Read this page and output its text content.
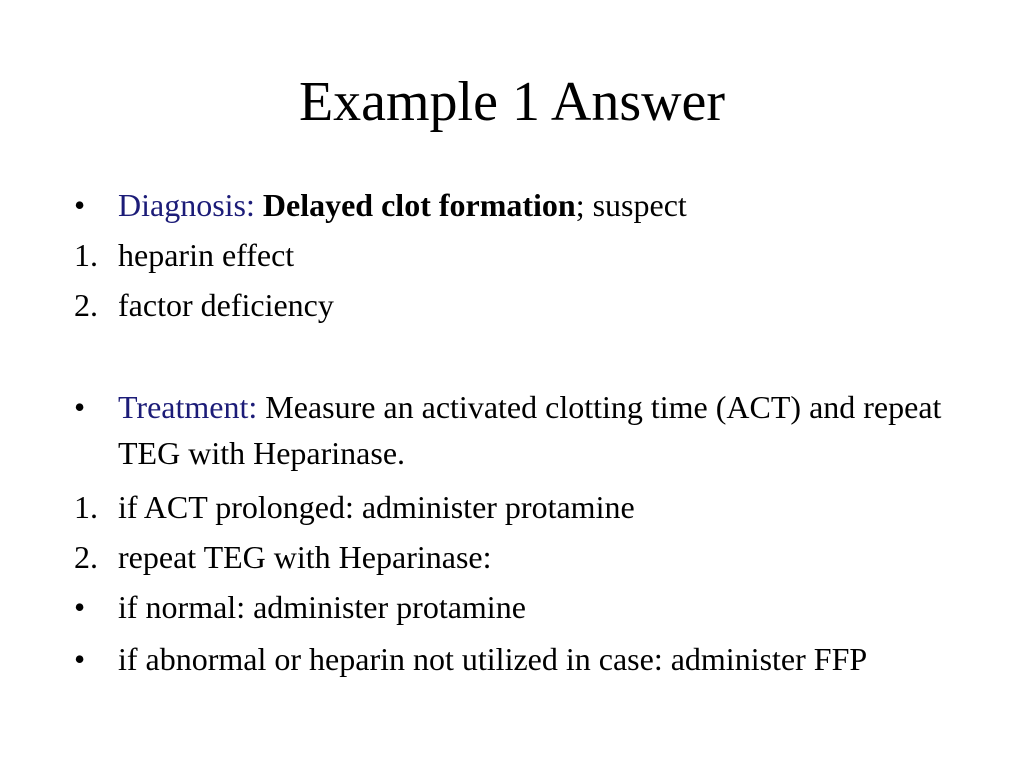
Example 1 Answer

• Diagnosis: Delayed clot formation; suspect

1. heparin effect

2. factor deficiency

• Treatment: Measure an activated clotting time (ACT) and repeat TEG with Heparinase.

1. if ACT prolonged: administer protamine

2. repeat TEG with Heparinase:

• if normal: administer protamine

• if abnormal or heparin not utilized in case: administer FFP
